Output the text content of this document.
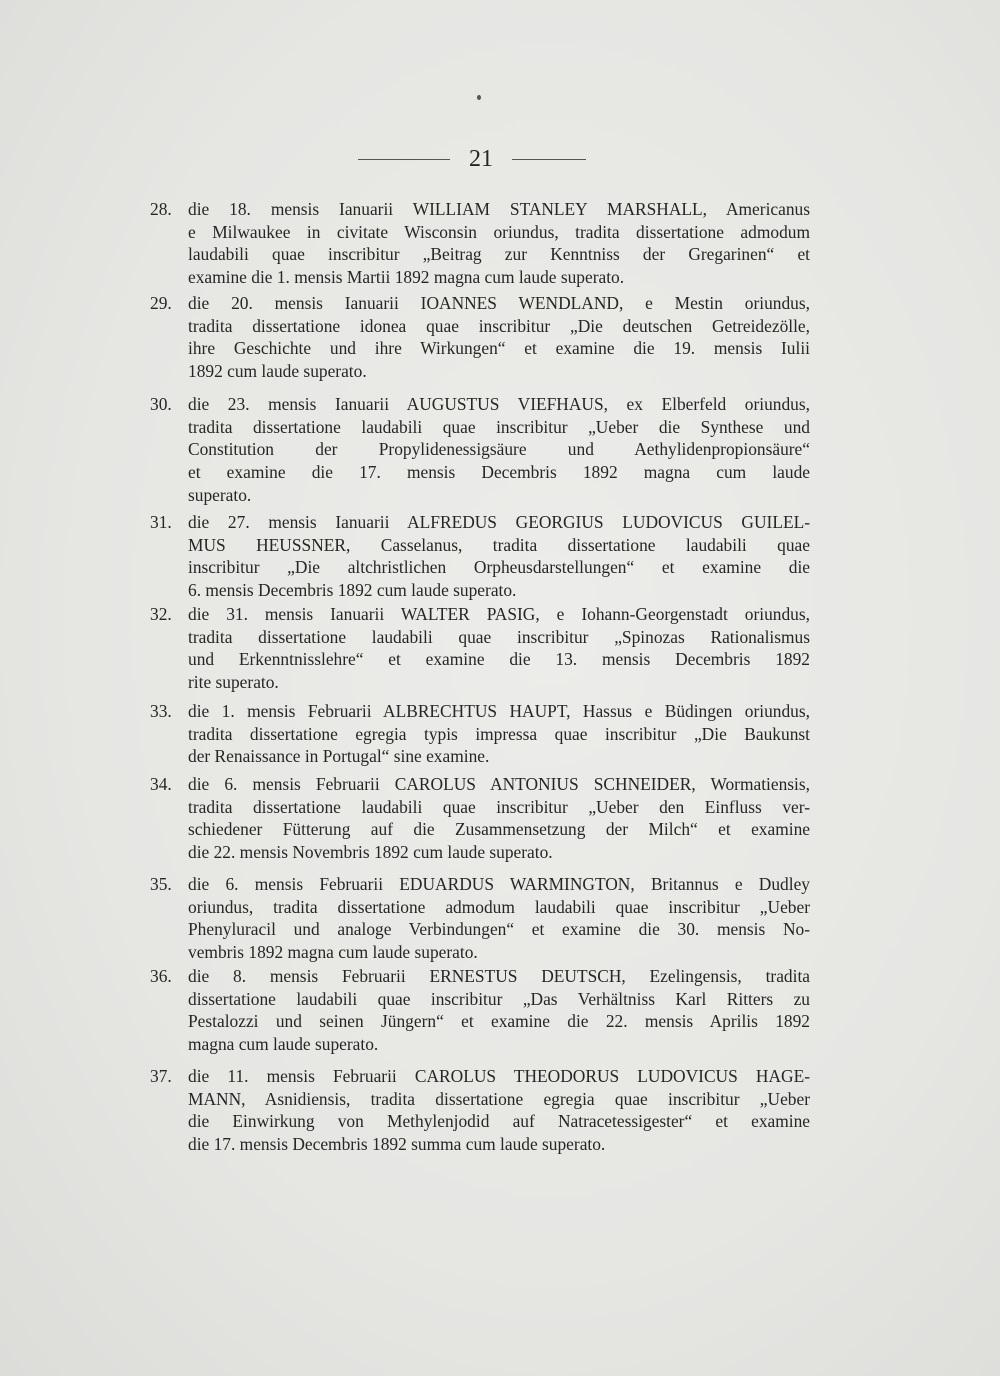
21
28. die 18. mensis Ianuarii WILLIAM STANLEY MARSHALL, Americanus
e Milwaukee in civitate Wisconsin oriundus, tradita dissertatione admodum
laudabili quae inscribitur „Beitrag zur Kenntniss der Gregarinen“ et
examine die 1. mensis Martii 1892 magna cum laude superato.
29. die 20. mensis Ianuarii IOANNES WENDLAND, e Mestin oriundus,
tradita dissertatione idonea quae inscribitur „Die deutschen Getreidezölle,
ihre Geschichte und ihre Wirkungen“ et examine die 19. mensis Iulii
1892 cum laude superato.
30. die 23. mensis Ianuarii AUGUSTUS VIEFHAUS, ex Elberfeld oriundus,
tradita dissertatione laudabili quae inscribitur „Ueber die Synthese und
Constitution der Propylidenessigsäure und Aethylidenpropionsäure“
et examine die 17. mensis Decembris 1892 magna cum laude
superato.
31. die 27. mensis Ianuarii ALFREDUS GEORGIUS LUDOVICUS GUILEL-
MUS HEUSSNER, Casselanus, tradita dissertatione laudabili quae
inscribitur „Die altchristlichen Orpheusdarstellungen“ et examine die
6. mensis Decembris 1892 cum laude superato.
32. die 31. mensis Ianuarii WALTER PASIG, e Iohann-Georgenstadt oriundus,
tradita dissertatione laudabili quae inscribitur „Spinozas Rationalismus
und Erkenntnisslehre“ et examine die 13. mensis Decembris 1892
rite superato.
33. die 1. mensis Februarii ALBRECHTUS HAUPT, Hassus e Büdingen oriundus,
tradita dissertatione egregia typis impressa quae inscribitur „Die Baukunst
der Renaissance in Portugal“ sine examine.
34. die 6. mensis Februarii CAROLUS ANTONIUS SCHNEIDER, Wormatiensis,
tradita dissertatione laudabili quae inscribitur „Ueber den Einfluss ver-
schiedener Fütterung auf die Zusammensetzung der Milch“ et examine
die 22. mensis Novembris 1892 cum laude superato.
35. die 6. mensis Februarii EDUARDUS WARMINGTON, Britannus e Dudley
oriundus, tradita dissertatione admodum laudabili quae inscribitur „Ueber
Phenyluracil und analoge Verbindungen“ et examine die 30. mensis No-
vembris 1892 magna cum laude superato.
36. die 8. mensis Februarii ERNESTUS DEUTSCH, Ezelingensis, tradita
dissertatione laudabili quae inscribitur „Das Verhältniss Karl Ritters zu
Pestalozzi und seinen Jüngern“ et examine die 22. mensis Aprilis 1892
magna cum laude superato.
37. die 11. mensis Februarii CAROLUS THEODORUS LUDOVICUS HAGE-
MANN, Asnidiensis, tradita dissertatione egregia quae inscribitur „Ueber
die Einwirkung von Methylenjodid auf Natracetessigester“ et examine
die 17. mensis Decembris 1892 summa cum laude superato.
